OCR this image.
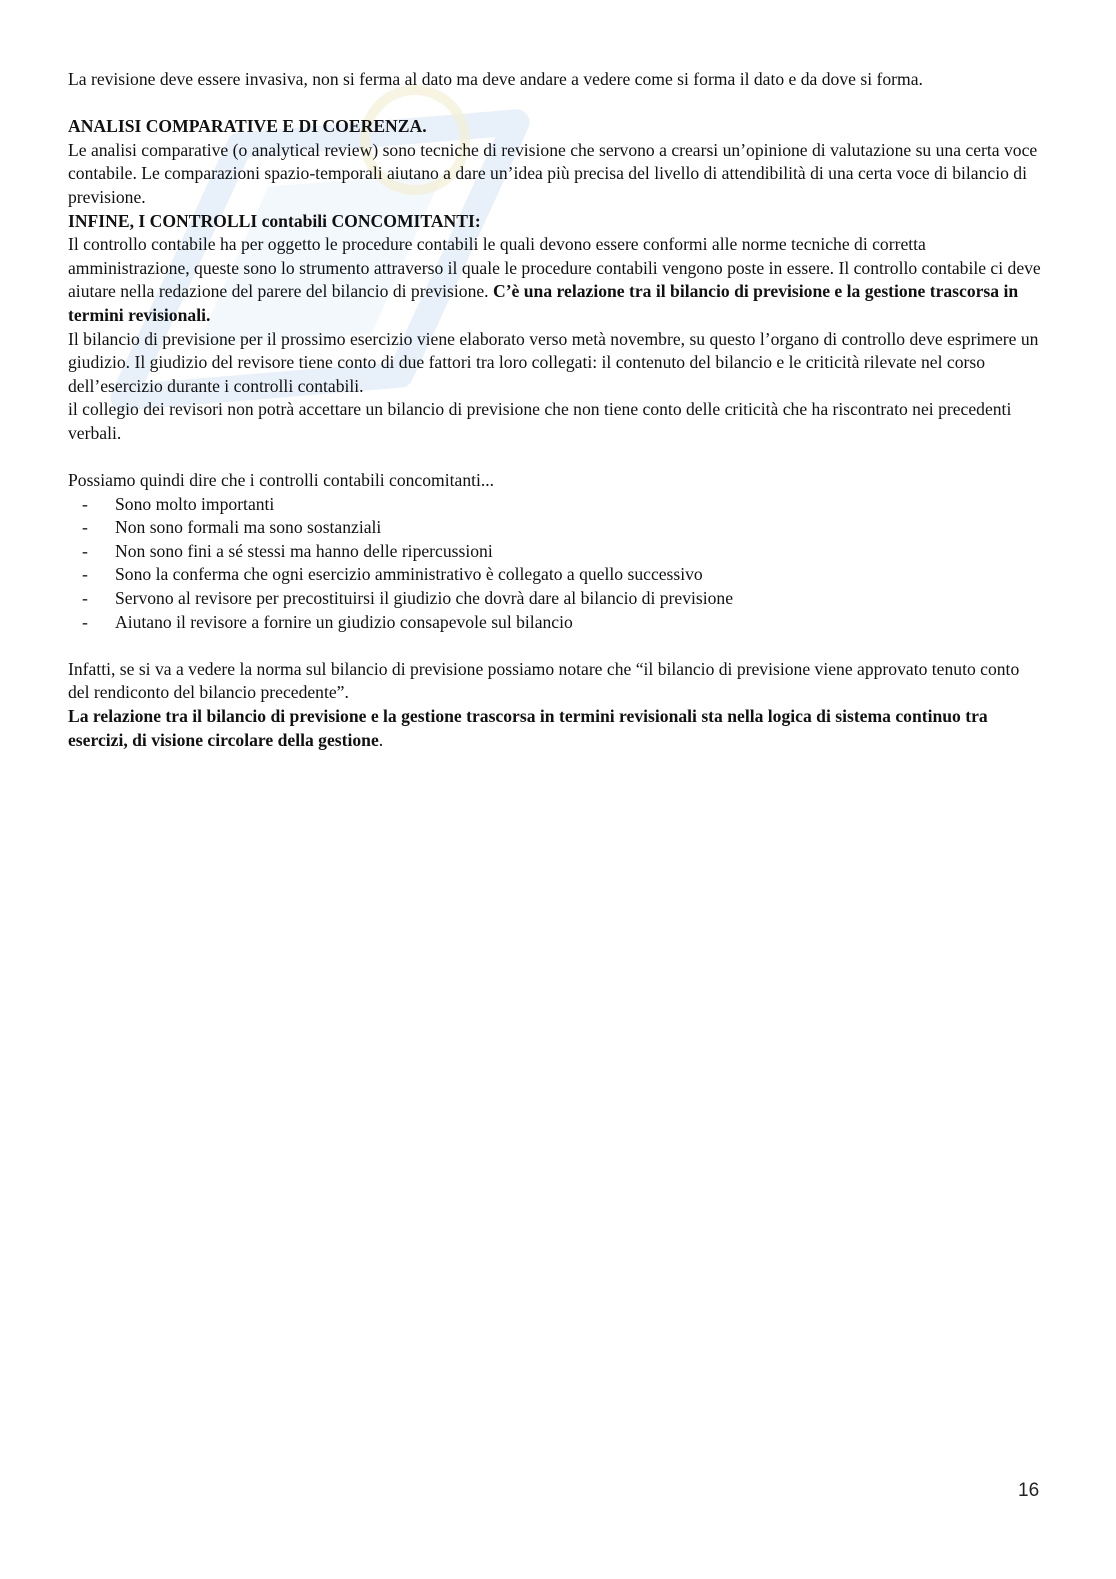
La revisione deve essere invasiva, non si ferma al dato ma deve andare a vedere come si forma il dato e da dove si forma.

ANALISI COMPARATIVE E DI COERENZA.

Le analisi comparative (o analytical review) sono tecniche di revisione che servono a crearsi un’opinione di valutazione su una certa voce contabile. Le comparazioni spazio-temporali aiutano a dare un’idea più precisa del livello di attendibilità di una certa voce di bilancio di previsione.

INFINE, I CONTROLLI contabili CONCOMITANTI:

Il controllo contabile ha per oggetto le procedure contabili le quali devono essere conformi alle norme tecniche di corretta amministrazione, queste sono lo strumento attraverso il quale le procedure contabili vengono poste in essere. Il controllo contabile ci deve aiutare nella redazione del parere del bilancio di previsione. C’è una relazione tra il bilancio di previsione e la gestione trascorsa in termini revisionali.

Il bilancio di previsione per il prossimo esercizio viene elaborato verso metà novembre, su questo l’organo di controllo deve esprimere un giudizio. Il giudizio del revisore tiene conto di due fattori tra loro collegati: il contenuto del bilancio e le criticità rilevate nel corso dell’esercizio durante i controlli contabili.

il collegio dei revisori non potrà accettare un bilancio di previsione che non tiene conto delle criticità che ha riscontrato nei precedenti verbali.

Possiamo quindi dire che i controlli contabili concomitanti...

- Sono molto importanti
- Non sono formali ma sono sostanziali
- Non sono fini a sé stessi ma hanno delle ripercussioni
- Sono la conferma che ogni esercizio amministrativo è collegato a quello successivo
- Servono al revisore per precostituirsi il giudizio che dovrà dare al bilancio di previsione
- Aiutano il revisore a fornire un giudizio consapevole sul bilancio

Infatti, se si va a vedere la norma sul bilancio di previsione possiamo notare che “il bilancio di previsione viene approvato tenuto conto del rendiconto del bilancio precedente”.

La relazione tra il bilancio di previsione e la gestione trascorsa in termini revisionali sta nella logica di sistema continuo tra esercizi, di visione circolare della gestione.

16
